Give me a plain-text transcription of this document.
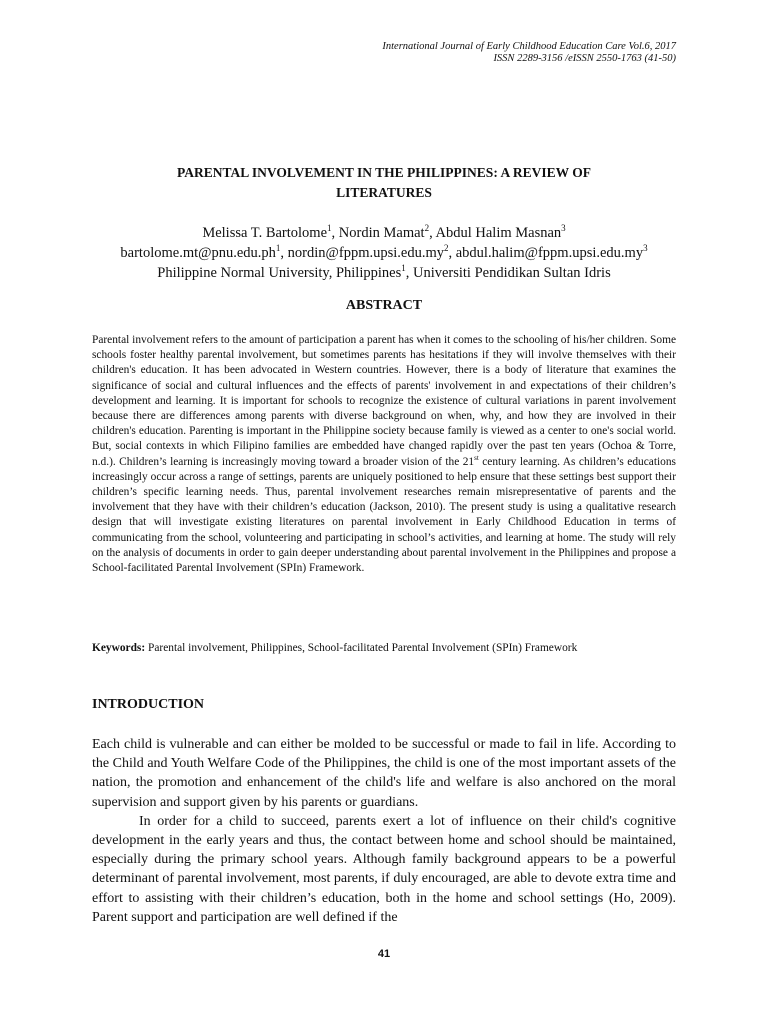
International Journal of Early Childhood Education Care Vol.6, 2017
ISSN 2289-3156 /eISSN 2550-1763 (41-50)
PARENTAL INVOLVEMENT IN THE PHILIPPINES: A REVIEW OF
LITERATURES
Melissa T. Bartolome$^1$, Nordin Mamat$^2$, Abdul Halim Masnan$^3$
$bartolome.mt@pnu.edu.ph^1$, $nordin@fppm.upsi.edu.my^2$, $abdul.halim@fppm.upsi.edu.my^3$
Philippine Normal University, Philippines$^1$, Universiti Pendidikan Sultan Idris
ABSTRACT
Parental involvement refers to the amount of participation a parent has when it comes to the schooling of his/her children. Some schools foster healthy parental involvement, but sometimes parents has hesitations if they will involve themselves with their children's education. It has been advocated in Western countries. However, there is a body of literature that examines the significance of social and cultural influences and the effects of parents' involvement in and expectations of their children’s development and learning. It is important for schools to recognize the existence of cultural variations in parent involvement because there are differences among parents with diverse background on when, why, and how they are involved in their children's education. Parenting is important in the Philippine society because family is viewed as a center to one's social world. But, social contexts in which Filipino families are embedded have changed rapidly over the past ten years (Ochoa & Torre, n.d.). Children’s learning is increasingly moving toward a broader vision of the 21st century learning. As children’s educations increasingly occur across a range of settings, parents are uniquely positioned to help ensure that these settings best support their children’s specific learning needs. Thus, parental involvement researches remain misrepresentative of parents and the involvement that they have with their children’s education (Jackson, 2010). The present study is using a qualitative research design that will investigate existing literatures on parental involvement in Early Childhood Education in terms of communicating from the school, volunteering and participating in school’s activities, and learning at home. The study will rely on the analysis of documents in order to gain deeper understanding about parental involvement in the Philippines and propose a School-facilitated Parental Involvement (SPIn) Framework.
Keywords: Parental involvement, Philippines, School-facilitated Parental Involvement (SPIn) Framework
INTRODUCTION

Each child is vulnerable and can either be molded to be successful or made to fail in life. According to the Child and Youth Welfare Code of the Philippines, the child is one of the most important assets of the nation, the promotion and enhancement of the child's life and welfare is also anchored on the moral supervision and support given by his parents or guardians.

In order for a child to succeed, parents exert a lot of influence on their child's cognitive development in the early years and thus, the contact between home and school should be maintained, especially during the primary school years. Although family background appears to be a powerful determinant of parental involvement, most parents, if duly encouraged, are able to devote extra time and effort to assisting with their children’s education, both in the home and school settings (Ho, 2009). Parent support and participation are well defined if the

41
